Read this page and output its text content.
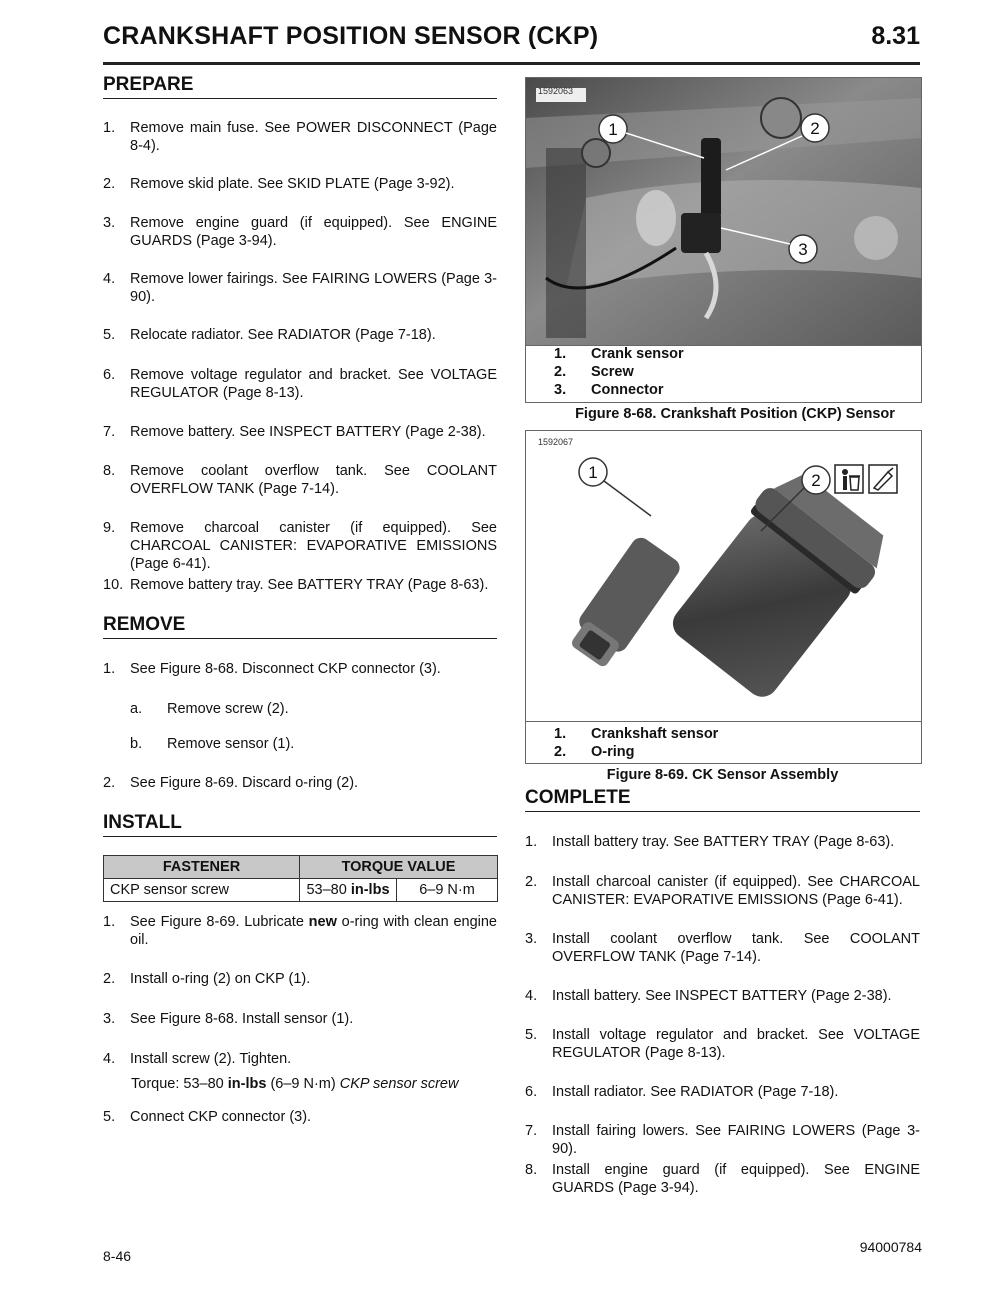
CRANKSHAFT POSITION SENSOR (CKP)	8.31
PREPARE
1.	Remove main fuse. See POWER DISCONNECT (Page 8-4).
2.	Remove skid plate. See SKID PLATE (Page 3-92).
3.	Remove engine guard (if equipped). See ENGINE GUARDS (Page 3-94).
4.	Remove lower fairings. See FAIRING LOWERS (Page 3-90).
5.	Relocate radiator. See RADIATOR (Page 7-18).
6.	Remove voltage regulator and bracket. See VOLTAGE REGULATOR (Page 8-13).
7.	Remove battery. See INSPECT BATTERY (Page 2-38).
8.	Remove coolant overflow tank. See COOLANT OVERFLOW TANK (Page 7-14).
9.	Remove charcoal canister (if equipped). See CHARCOAL CANISTER: EVAPORATIVE EMISSIONS (Page 6-41).
10. Remove battery tray. See BATTERY TRAY (Page 8-63).
REMOVE
1.	See Figure 8-68. Disconnect CKP connector (3).
a.	Remove screw (2).
b.	Remove sensor (1).
2.	See Figure 8-69. Discard o-ring (2).
INSTALL
FASTENER	TORQUE VALUE	
CKP sensor screw	53–80 in-lbs	6–9 N·m
1.	See Figure 8-69. Lubricate new o-ring with clean engine oil.
2.	Install o-ring (2) on CKP (1).
3.	See Figure 8-68. Install sensor (1).
4.	Install screw (2). Tighten.
Torque: 53–80 in-lbs (6–9 N·m) CKP sensor screw
5.	Connect CKP connector (3).
1592063
1	2
3
1.	Crank sensor
2.	Screw
3.	Connector
Figure 8-68. Crankshaft Position (CKP) Sensor
1592067
1	2
1.	Crankshaft sensor
2.	O-ring
Figure 8-69. CK Sensor Assembly
COMPLETE
1.	Install battery tray. See BATTERY TRAY (Page 8-63).
2.	Install charcoal canister (if equipped). See CHARCOAL CANISTER: EVAPORATIVE EMISSIONS (Page 6-41).
3.	Install coolant overflow tank. See COOLANT OVERFLOW TANK (Page 7-14).
4.	Install battery. See INSPECT BATTERY (Page 2-38).
5.	Install voltage regulator and bracket. See VOLTAGE REGULATOR (Page 8-13).
6.	Install radiator. See RADIATOR (Page 7-18).
7.	Install fairing lowers. See FAIRING LOWERS (Page 3-90).
8.	Install engine guard (if equipped). See ENGINE GUARDS (Page 3-94).
8-46
94000784
